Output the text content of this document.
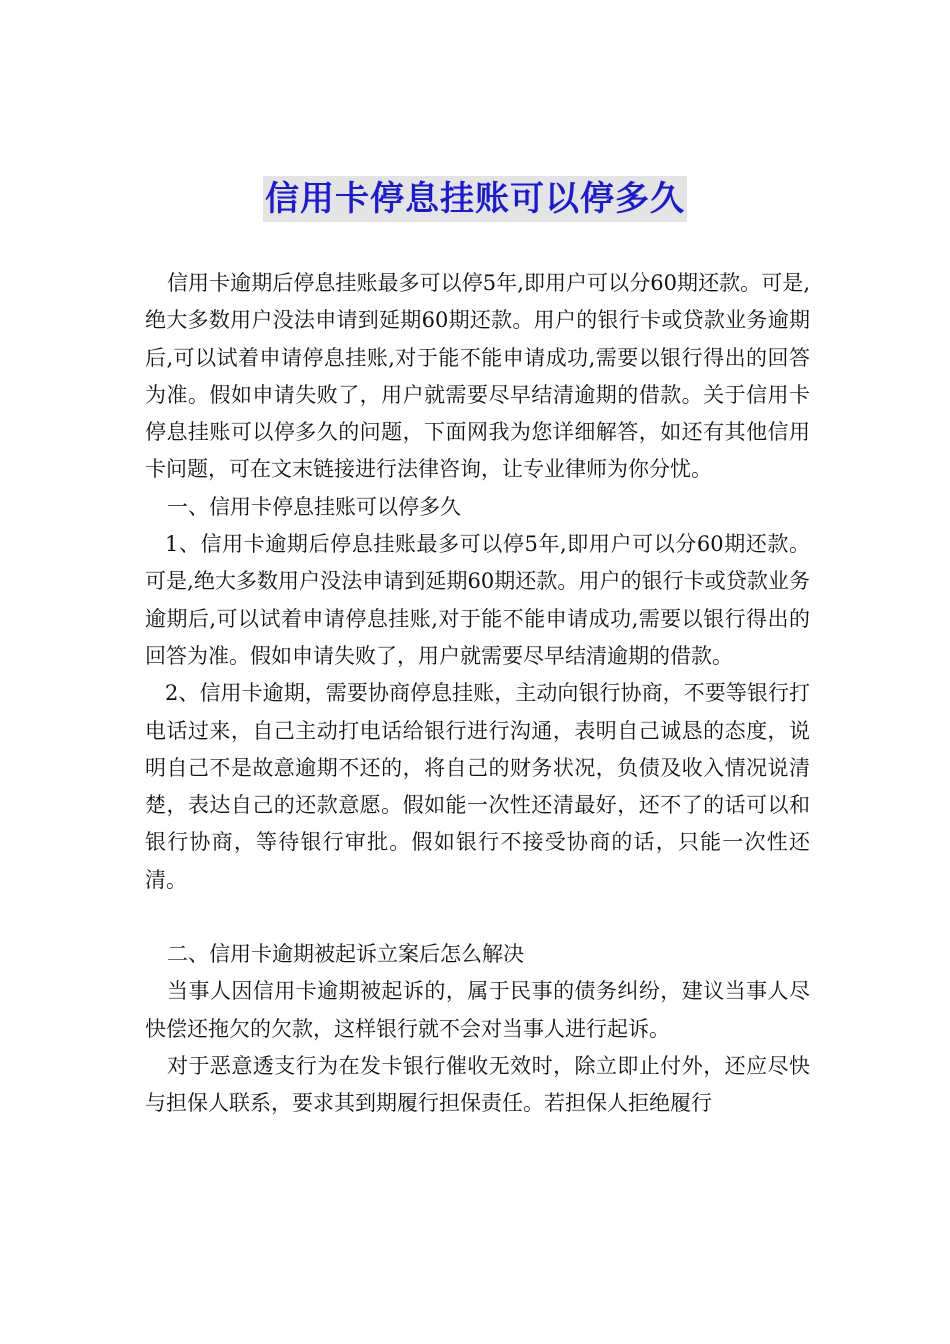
信用卡停息挂账可以停多久

信用卡逾期后停息挂账最多可以停5年,即用户可以分60期还款。可是,绝大多数用户没法申请到延期60期还款。用户的银行卡或贷款业务逾期后,可以试着申请停息挂账,对于能不能申请成功,需要以银行得出的回答为准。假如申请失败了，用户就需要尽早结清逾期的借款。关于信用卡停息挂账可以停多久的问题，下面网我为您详细解答，如还有其他信用卡问题，可在文末链接进行法律咨询，让专业律师为你分忧。

一、信用卡停息挂账可以停多久

1、信用卡逾期后停息挂账最多可以停5年,即用户可以分60期还款。可是,绝大多数用户没法申请到延期60期还款。用户的银行卡或贷款业务逾期后,可以试着申请停息挂账,对于能不能申请成功,需要以银行得出的回答为准。假如申请失败了，用户就需要尽早结清逾期的借款。

2、信用卡逾期，需要协商停息挂账，主动向银行协商，不要等银行打电话过来，自己主动打电话给银行进行沟通，表明自己诚恳的态度，说明自己不是故意逾期不还的，将自己的财务状况，负债及收入情况说清楚，表达自己的还款意愿。假如能一次性还清最好，还不了的话可以和银行协商，等待银行审批。假如银行不接受协商的话，只能一次性还清。

二、信用卡逾期被起诉立案后怎么解决

当事人因信用卡逾期被起诉的，属于民事的债务纠纷，建议当事人尽快偿还拖欠的欠款，这样银行就不会对当事人进行起诉。

对于恶意透支行为在发卡银行催收无效时，除立即止付外，还应尽快与担保人联系，要求其到期履行担保责任。若担保人拒绝履行
